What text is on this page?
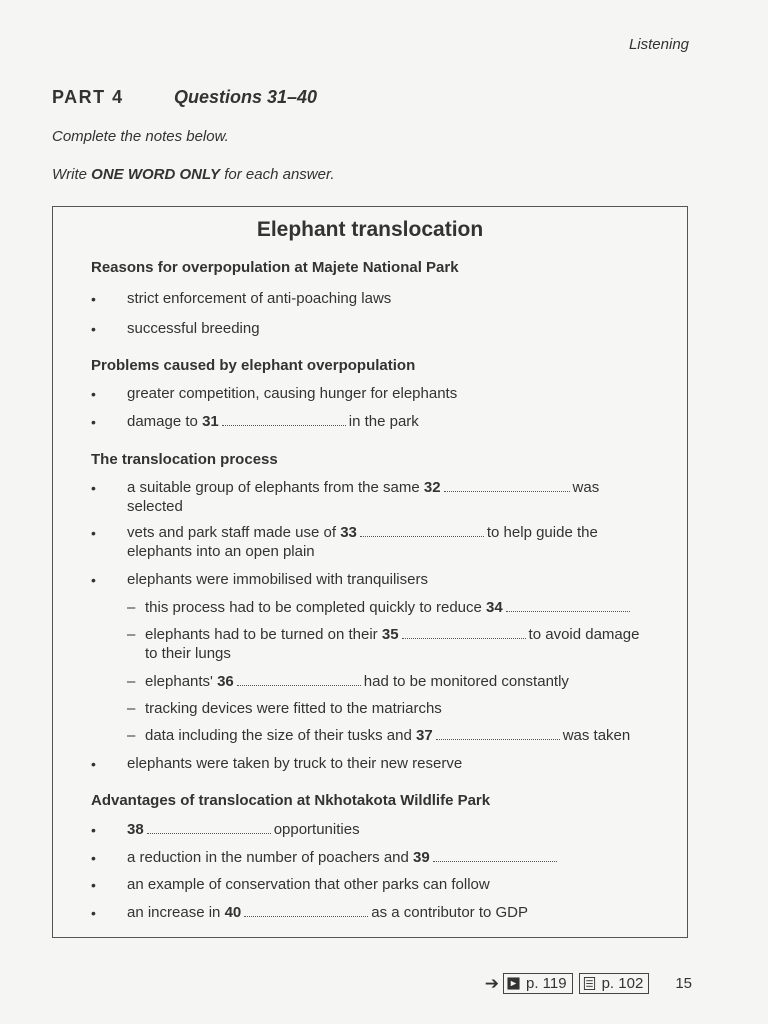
Listening
PART 4	Questions 31–40
Complete the notes below.
Write ONE WORD ONLY for each answer.
Elephant translocation
Reasons for overpopulation at Majete National Park
• strict enforcement of anti-poaching laws
• successful breeding
Problems caused by elephant overpopulation
• greater competition, causing hunger for elephants
• damage to 31	in the park
The translocation process
• a suitable group of elephants from the same 32	was
selected
• vets and park staff made use of 33	to help guide the
elephants into an open plain
• elephants were immobilised with tranquilisers
– this process had to be completed quickly to reduce 34
– elephants had to be turned on their 35	to avoid damage
to their lungs
– elephants' 36	had to be monitored constantly
– tracking devices were fitted to the matriarchs
– data including the size of their tusks and 37	was taken
• elephants were taken by truck to their new reserve
Advantages of translocation at Nkhotakota Wildlife Park
• 38	opportunities
• a reduction in the number of poachers and 39
• an example of conservation that other parks can follow
• an increase in 40	as a contributor to GDP
➔ p. 119 p. 102 15
